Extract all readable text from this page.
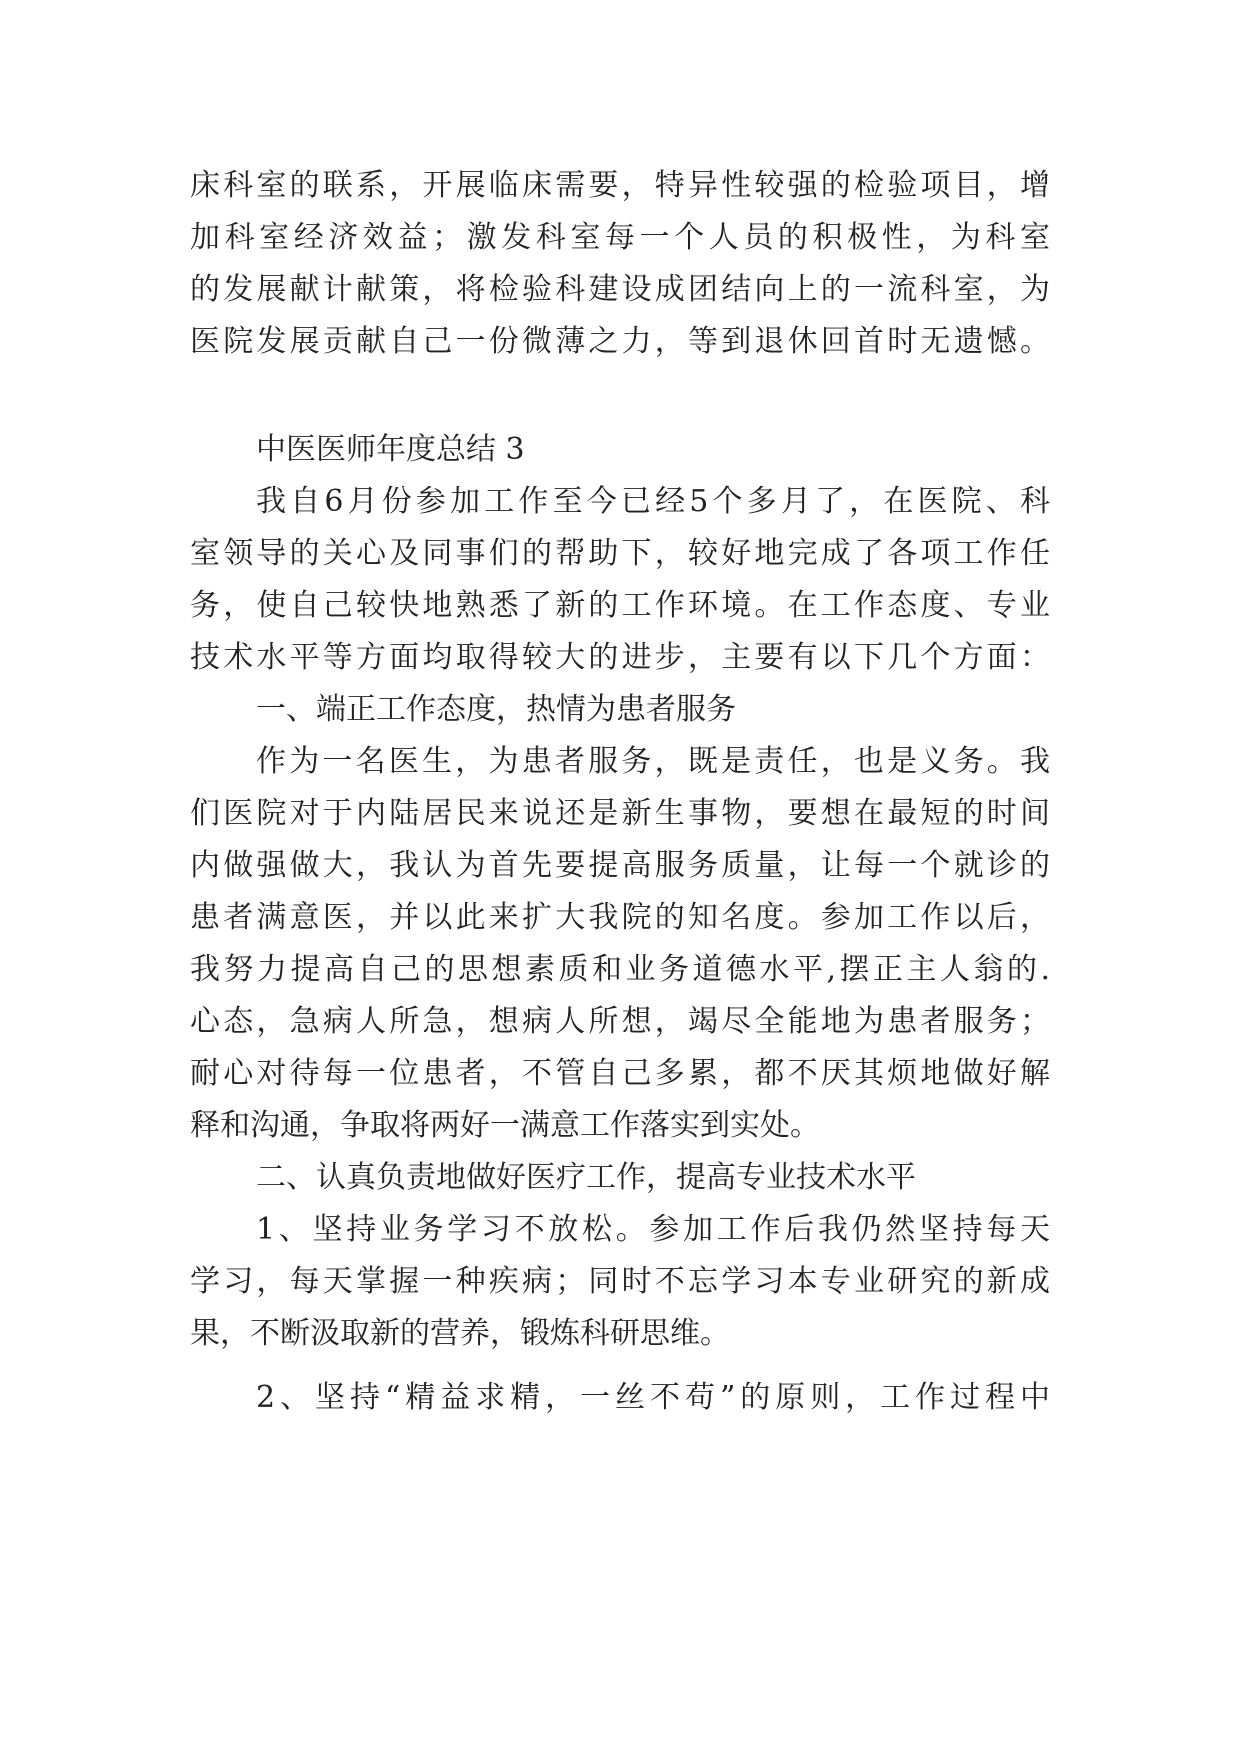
床科室的联系，开展临床需要，特异性较强的检验项目，增
加科室经济效益；激发科室每一个人员的积极性，为科室
的发展献计献策，将检验科建设成团结向上的一流科室，为
医院发展贡献自己一份微薄之力，等到退休回首时无遗憾。
中医医师年度总结 3
我自6月份参加工作至今已经5个多月了，在医院、科
室领导的关心及同事们的帮助下，较好地完成了各项工作任
务，使自己较快地熟悉了新的工作环境。在工作态度、专业
技术水平等方面均取得较大的进步，主要有以下几个方面：
一、端正工作态度，热情为患者服务
作为一名医生，为患者服务，既是责任，也是义务。我
们医院对于内陆居民来说还是新生事物，要想在最短的时间
内做强做大，我认为首先要提高服务质量，让每一个就诊的
患者满意医，并以此来扩大我院的知名度。参加工作以后，
我努力提高自己的思想素质和业务道德水平,摆正主人翁的.
心态，急病人所急，想病人所想，竭尽全能地为患者服务；
耐心对待每一位患者，不管自己多累，都不厌其烦地做好解
释和沟通，争取将两好一满意工作落实到实处。
二、认真负责地做好医疗工作，提高专业技术水平
1、坚持业务学习不放松。参加工作后我仍然坚持每天
学习，每天掌握一种疾病；同时不忘学习本专业研究的新成
果，不断汲取新的营养，锻炼科研思维。
2、坚持“精益求精，一丝不苟”的原则，工作过程中
